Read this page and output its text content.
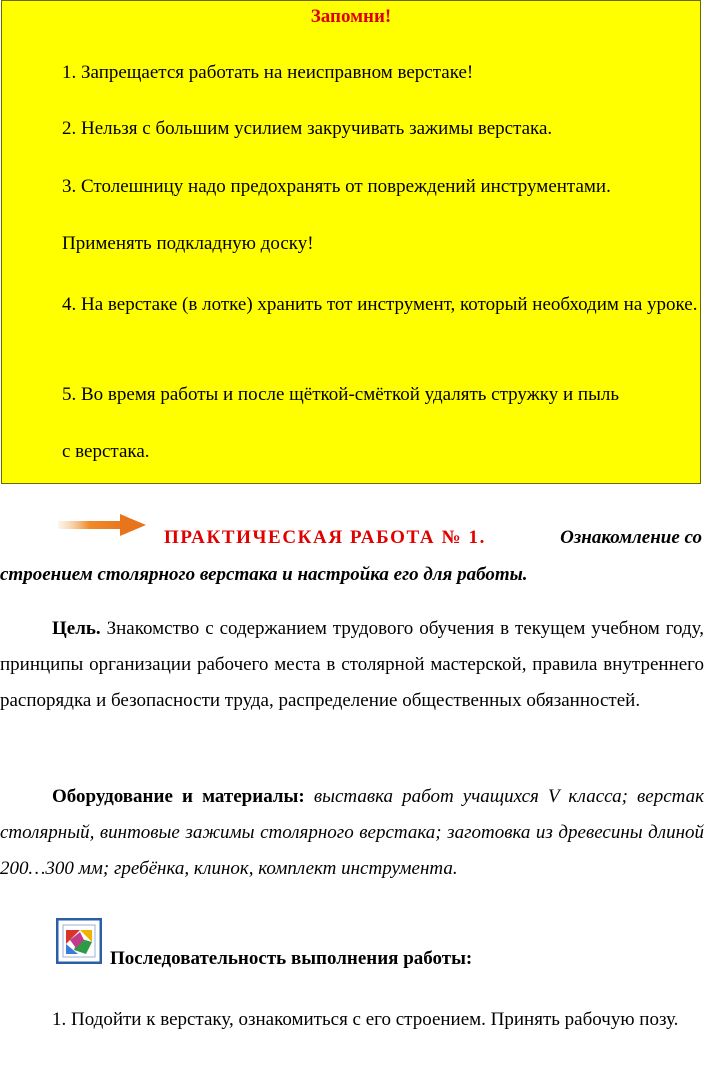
Запомни!
1. Запрещается работать на неисправном верстаке!
2. Нельзя с большим усилием закручивать зажимы верстака.
3. Столешницу надо предохранять от повреждений инструментами.
Применять подкладную доску!
4. На верстаке (в лотке) хранить тот инструмент, который необходим на уроке.
5. Во время работы и после щёткой-смёткой удалять стружку и пыль
с верстака.
ПРАКТИЧЕСКАЯ РАБОТА № 1.	Ознакомление со
строением столярного верстака и настройка его для работы.
Цель. Знакомство с содержанием трудового обучения в текущем учебном году, принципы организации рабочего места в столярной мастерской, правила внутреннего распорядка и безопасности труда, распределение общественных обязанностей.
Оборудование и материалы: выставка работ учащихся V класса; верстак столярный, винтовые зажимы столярного верстака; заготовка из древесины длиной 200…300 мм; гребёнка, клинок, комплект инструмента.
Последовательность выполнения работы:
1. Подойти к верстаку, ознакомиться с его строением. Принять рабочую позу.
